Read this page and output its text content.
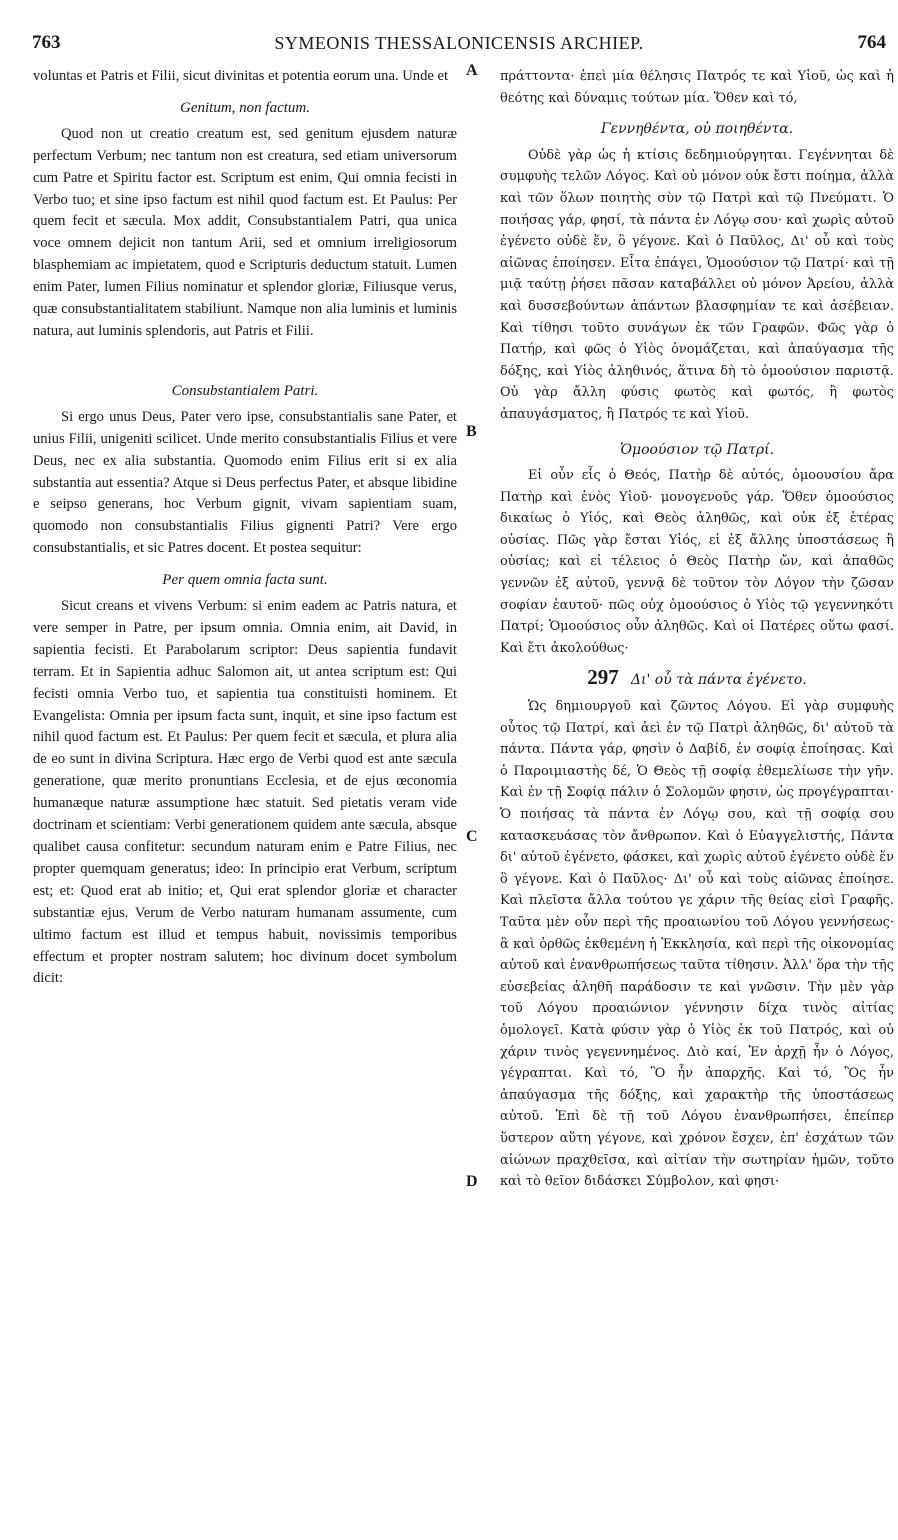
763	SYMEONIS THESSALONICENSIS ARCHIEP.	764
A
B
C
D

voluntas et Patris et Filii, sicut divinitas et potentia eorum una. Unde et

Genitum, non factum.

Quod non ut creatio creatum est, sed genitum ejusdem naturæ perfectum Verbum; nec tantum non est creatura, sed etiam universorum cum Patre et Spiritu factor est. Scriptum est enim, Qui omnia fecisti in Verbo tuo; et sine ipso factum est nihil quod factum est. Et Paulus: Per quem fecit et sæcula. Mox addit, Consubstantialem Patri, qua unica voce omnem dejicit non tantum Arii, sed et omnium irreligiosorum blasphemiam ac impietatem, quod e Scripturis deductum statuit. Lumen enim Pater, lumen Filius nominatur et splendor gloriæ, Filiusque verus, quæ consubstantialitatem stabiliunt. Namque non alia luminis et luminis natura, aut luminis splendoris, aut Patris et Filii.

Consubstantialem Patri.

Si ergo unus Deus, Pater vero ipse, consubstantialis sane Pater, et unius Filii, unigeniti scilicet. Unde merito consubstantialis Filius et vere Deus, nec ex alia substantia. Quomodo enim Filius erit si ex alia substantia aut essentia? Atque si Deus perfectus Pater, et absque libidine e seipso generans, hoc Verbum gignit, vivam sapientiam suam, quomodo non consubstantialis Filius gignenti Patri? Vere ergo consubstantialis, et sic Patres docent. Et postea sequitur:

Per quem omnia facta sunt.

Sicut creans et vivens Verbum: si enim eadem ac Patris natura, et vere semper in Patre, per ipsum omnia. Omnia enim, ait David, in sapientia fecisti. Et Parabolarum scriptor: Deus sapientia fundavit terram. Et in Sapientia adhuc Salomon ait, ut antea scriptum est: Qui fecisti omnia Verbo tuo, et sapientia tua constituisti hominem. Et Evangelista: Omnia per ipsum facta sunt, inquit, et sine ipso factum est nihil quod factum est. Et Paulus: Per quem fecit et sæcula, et plura alia de eo sunt in divina Scriptura. Hæc ergo de Verbi quod est ante sæcula generatione, quæ merito pronuntians Ecclesia, et de ejus œconomia humanæque naturæ assumptione hæc statuit. Sed pietatis veram vide doctrinam et scientiam: Verbi generationem quidem ante sæcula, absque qualibet causa confitetur: secundum naturam enim e Patre Filius, nec propter quemquam generatus; ideo: In principio erat Verbum, scriptum est; et: Quod erat ab initio; et, Qui erat splendor gloriæ et character substantiæ ejus. Verum de Verbo naturam humanam assumente, cum ultimo factum est illud et tempus habuit, novissimis temporibus effectum et propter nostram salutem; hoc divinum docet symbolum dicit:

πράττοντα· ἐπεὶ μία θέλησις Πατρός τε καὶ Υἱοῦ, ὡς καὶ ἡ θεότης καὶ δύναμις τούτων μία. Ὅθεν καὶ τό,

Γεννηθέντα, οὐ ποιηθέντα.

Οὐδὲ γὰρ ὡς ἡ κτίσις δεδημιούργηται. Γεγέννηται δὲ συμφυὴς τελῶν Λόγος. Καὶ οὐ μόνον οὐκ ἔστι ποίημα, ἀλλὰ καὶ τῶν ὅλων ποιητὴς σὺν τῷ Πατρὶ καὶ τῷ Πνεύματι. Ὁ ποιήσας γάρ, φησί, τὰ πάντα ἐν Λόγῳ σου· καὶ χωρὶς αὐτοῦ ἐγένετο οὐδὲ ἕν, ὃ γέγονε. Καὶ ὁ Παῦλος, Δι' οὗ καὶ τοὺς αἰῶνας ἐποίησεν. Εἶτα ἐπάγει, Ὁμοούσιον τῷ Πατρί· καὶ τῇ μιᾷ ταύτῃ ῥήσει πᾶσαν καταβάλλει οὐ μόνον Ἀρείου, ἀλλὰ καὶ δυσσεβούντων ἁπάντων βλασφημίαν τε καὶ ἀσέβειαν. Καὶ τίθησι τοῦτο συνάγων ἐκ τῶν Γραφῶν. Φῶς γὰρ ὁ Πατήρ, καὶ φῶς ὁ Υἱὸς ὀνομάζεται, καὶ ἀπαύγασμα τῆς δόξης, καὶ Υἱὸς ἀληθινός, ἅτινα δὴ τὸ ὁμοούσιον παριστᾷ. Οὐ γὰρ ἄλλη φύσις φωτὸς καὶ φωτός, ἢ φωτὸς ἀπαυγάσματος, ἢ Πατρός τε καὶ Υἱοῦ.

Ὁμοούσιον τῷ Πατρί.

Εἰ οὖν εἷς ὁ Θεός, Πατὴρ δὲ αὐτός, ὁμοουσίου ἄρα Πατὴρ καὶ ἑνὸς Υἱοῦ· μονογενοῦς γάρ. Ὅθεν ὁμοούσιος δικαίως ὁ Υἱός, καὶ Θεὸς ἀληθῶς, καὶ οὐκ ἐξ ἑτέρας οὐσίας. Πῶς γὰρ ἔσται Υἱός, εἰ ἐξ ἄλλης ὑποστάσεως ἢ οὐσίας; καὶ εἰ τέλειος ὁ Θεὸς Πατὴρ ὤν, καὶ ἀπαθῶς γεννῶν ἐξ αὐτοῦ, γεννᾷ δὲ τοῦτον τὸν Λόγον τὴν ζῶσαν σοφίαν ἑαυτοῦ· πῶς οὐχ ὁμοούσιος ὁ Υἱὸς τῷ γεγεννηκότι Πατρί; Ὁμοούσιος οὖν ἀληθῶς. Καὶ οἱ Πατέρες οὕτω φασί. Καὶ ἔτι ἀκολούθως·

297 Δι' οὗ τὰ πάντα ἐγένετο.

Ὡς δημιουργοῦ καὶ ζῶντος Λόγου. Εἰ γὰρ συμφυὴς οὗτος τῷ Πατρί, καὶ ἀεὶ ἐν τῷ Πατρὶ ἀληθῶς, δι' αὐτοῦ τὰ πάντα. Πάντα γάρ, φησὶν ὁ Δαβίδ, ἐν σοφίᾳ ἐποίησας. Καὶ ὁ Παροιμιαστὴς δέ, Ὁ Θεὸς τῇ σοφίᾳ ἐθεμελίωσε τὴν γῆν. Καὶ ἐν τῇ Σοφίᾳ πάλιν ὁ Σολομῶν φησιν, ὡς προγέγραπται· Ὁ ποιήσας τὰ πάντα ἐν Λόγῳ σου, καὶ τῇ σοφίᾳ σου κατασκευάσας τὸν ἄνθρωπον. Καὶ ὁ Εὐαγγελιστής, Πάντα δι' αὐτοῦ ἐγένετο, φάσκει, καὶ χωρὶς αὐτοῦ ἐγένετο οὐδὲ ἕν ὃ γέγονε. Καὶ ὁ Παῦλος· Δι' οὗ καὶ τοὺς αἰῶνας ἐποίησε. Καὶ πλεῖστα ἄλλα τούτου γε χάριν τῆς θείας εἰσὶ Γραφῆς. Ταῦτα μὲν οὖν περὶ τῆς προαιωνίου τοῦ Λόγου γεννήσεως· ἃ καὶ ὀρθῶς ἐκθεμένη ἡ Ἐκκλησία, καὶ περὶ τῆς οἰκονομίας αὐτοῦ καὶ ἐνανθρωπήσεως ταῦτα τίθησιν. Ἀλλ' ὅρα τὴν τῆς εὐσεβείας ἀληθῆ παράδοσιν τε καὶ γνῶσιν. Τὴν μὲν γὰρ τοῦ Λόγου προαιώνιον γέννησιν δίχα τινὸς αἰτίας ὁμολογεῖ. Κατὰ φύσιν γὰρ ὁ Υἱὸς ἐκ τοῦ Πατρός, καὶ οὐ χάριν τινὸς γεγεννημένος. Διὸ καί, Ἐν ἀρχῇ ἦν ὁ Λόγος, γέγραπται. Καὶ τό, Ὃ ἦν ἀπαρχῆς. Καὶ τό, Ὃς ἦν ἀπαύγασμα τῆς δόξης, καὶ χαρακτὴρ τῆς ὑποστάσεως αὐτοῦ. Ἐπὶ δὲ τῇ τοῦ Λόγου ἐνανθρωπήσει, ἐπείπερ ὕστερον αὕτη γέγονε, καὶ χρόνον ἔσχεν, ἐπ' ἐσχάτων τῶν αἰώνων πραχθεῖσα, καὶ αἰτίαν τὴν σωτηρίαν ἡμῶν, τοῦτο καὶ τὸ θεῖον διδάσκει Σύμβολον, καὶ φησι·
